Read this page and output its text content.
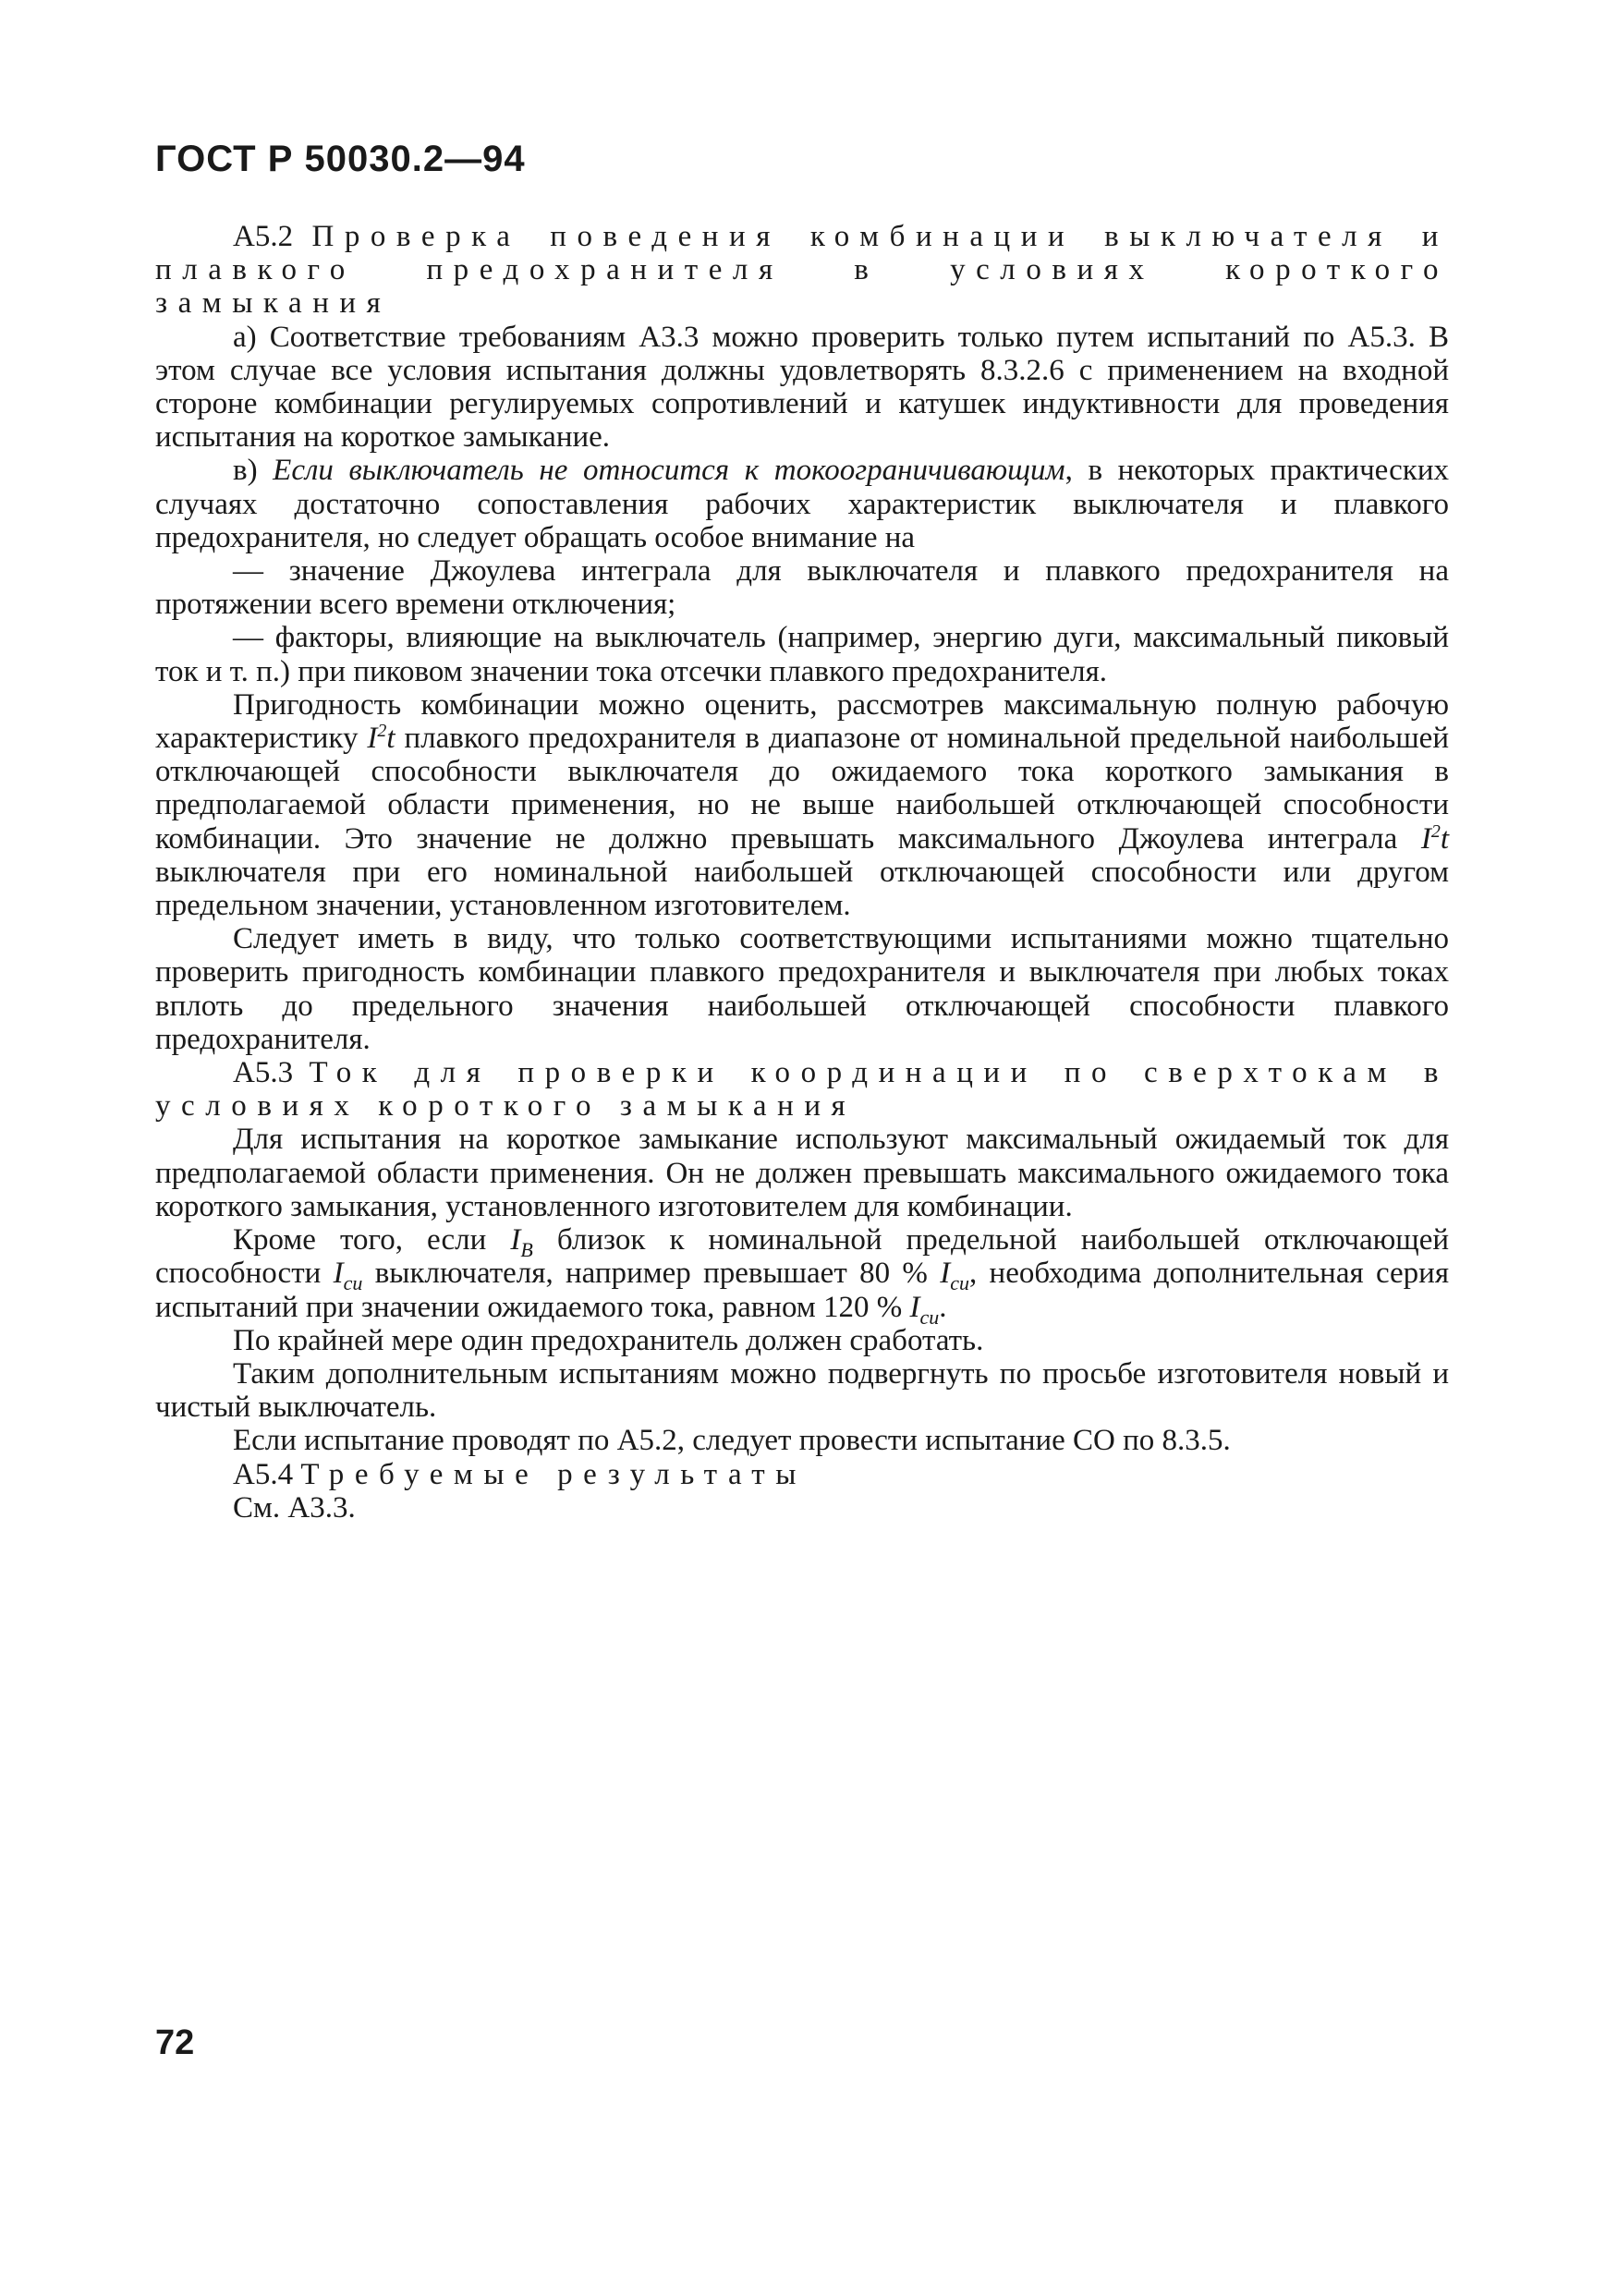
ГОСТ Р 50030.2—94

А5.2 Проверка поведения комбинации выключателя и плавкого предохранителя в условиях короткого замыкания

а) Соответствие требованиям А3.3 можно проверить только путем испытаний по А5.3. В этом случае все условия испытания должны удовлетворять 8.3.2.6 с применением на входной стороне комбинации регулируемых сопротивлений и катушек индуктивности для проведения испытания на короткое замыкание.

в) Если выключатель не относится к токоограничивающим, в некоторых практических случаях достаточно сопоставления рабочих характеристик выключателя и плавкого предохранителя, но следует обращать особое внимание на

— значение Джоулева интеграла для выключателя и плавкого предохранителя на протяжении всего времени отключения;

— факторы, влияющие на выключатель (например, энергию дуги, максимальный пиковый ток и т. п.) при пиковом значении тока отсечки плавкого предохранителя.

Пригодность комбинации можно оценить, рассмотрев максимальную полную рабочую характеристику $I^2t$ плавкого предохранителя в диапазоне от номинальной предельной наибольшей отключающей способности выключателя до ожидаемого тока короткого замыкания в предполагаемой области применения, но не выше наибольшей отключающей способности комбинации. Это значение не должно превышать максимального Джоулева интеграла $I^2t$ выключателя при его номинальной наибольшей отключающей способности или другом предельном значении, установленном изготовителем.

Следует иметь в виду, что только соответствующими испытаниями можно тщательно проверить пригодность комбинации плавкого предохранителя и выключателя при любых токах вплоть до предельного значения наибольшей отключающей способности плавкого предохранителя.

А5.3 Ток для проверки координации по сверхтокам в условиях короткого замыкания

Для испытания на короткое замыкание используют максимальный ожидаемый ток для предполагаемой области применения. Он не должен превышать максимального ожидаемого тока короткого замыкания, установленного изготовителем для комбинации.

Кроме того, если $I_B$ близок к номинальной предельной наибольшей отключающей способности $I_{cu}$ выключателя, например превышает 80 % $I_{cu}$, необходима дополнительная серия испытаний при значении ожидаемого тока, равном 120 % $I_{cu}$.

По крайней мере один предохранитель должен сработать.

Таким дополнительным испытаниям можно подвергнуть по просьбе изготовителя новый и чистый выключатель.

Если испытание проводят по А5.2, следует провести испытание СО по 8.3.5.

А5.4 Требуемые результаты

См. А3.3.

72
